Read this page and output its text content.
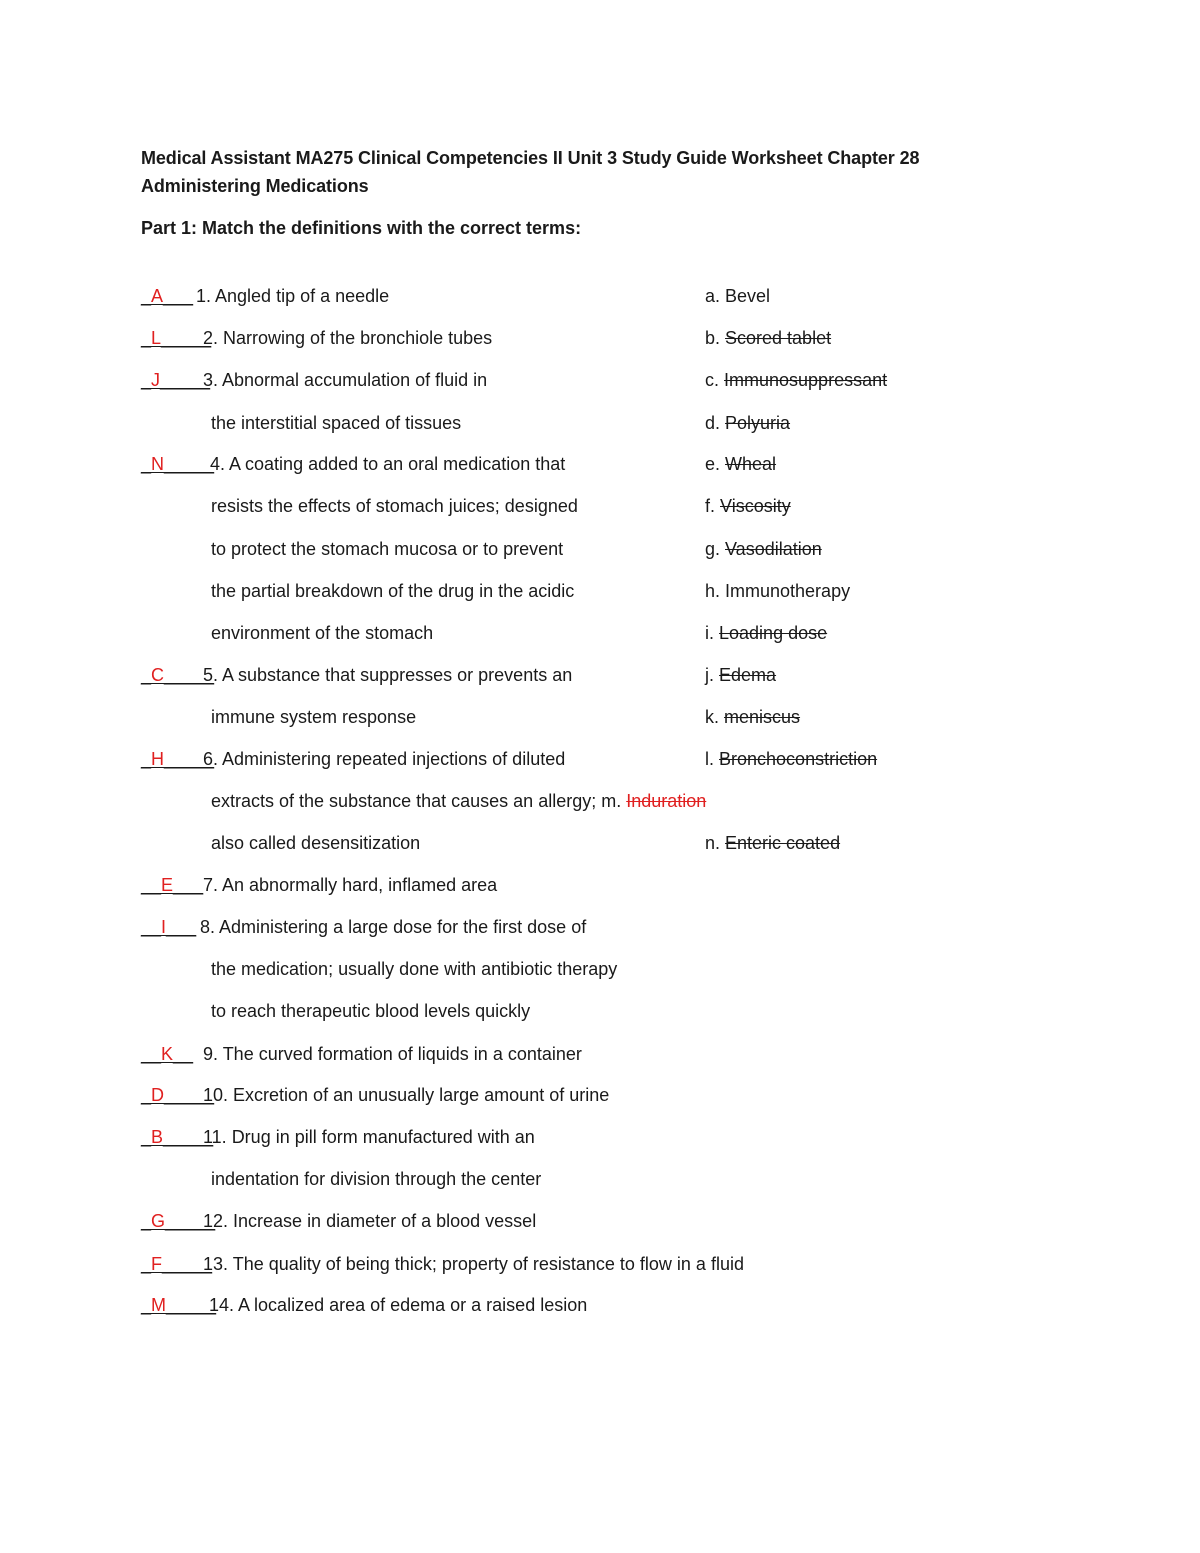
Medical Assistant MA275 Clinical Competencies II Unit 3 Study Guide Worksheet Chapter 28 Administering Medications
Part 1: Match the definitions with the correct terms:
_A___ 1. Angled tip of a needle
_L_____
2. Narrowing of the bronchiole tubes
_J_____
3. Abnormal accumulation of fluid in
the interstitial spaced of tissues
_N_____
4. A coating added to an oral medication that
resists the effects of stomach juices; designed
to protect the stomach mucosa or to prevent
the partial breakdown of the drug in the acidic
environment of the stomach
_C_____
5. A substance that suppresses or prevents an
immune system response
_H_____
6. Administering repeated injections of diluted
extracts of the substance that causes an allergy; m. Induration
also called desensitization
__E___ 7. An abnormally hard, inflamed area
__I___ 8. Administering a large dose for the first dose of
the medication; usually done with antibiotic therapy
to reach therapeutic blood levels quickly
__K__ 9. The curved formation of liquids in a container
_D_____
10. Excretion of an unusually large amount of urine
_B_____
11. Drug in pill form manufactured with an
indentation for division through the center
_G_____
12. Increase in diameter of a blood vessel
_F_____
13. The quality of being thick; property of resistance to flow in a fluid
_M_____
14. A localized area of edema or a raised lesion
a. Bevel
b. Scored tablet
c. Immunosuppressant
d. Polyuria
e. Wheal
f. Viscosity
g. Vasodilation
h. Immunotherapy
i. Loading dose
j. Edema
k. meniscus
l. Bronchoconstriction
n. Enteric coated
